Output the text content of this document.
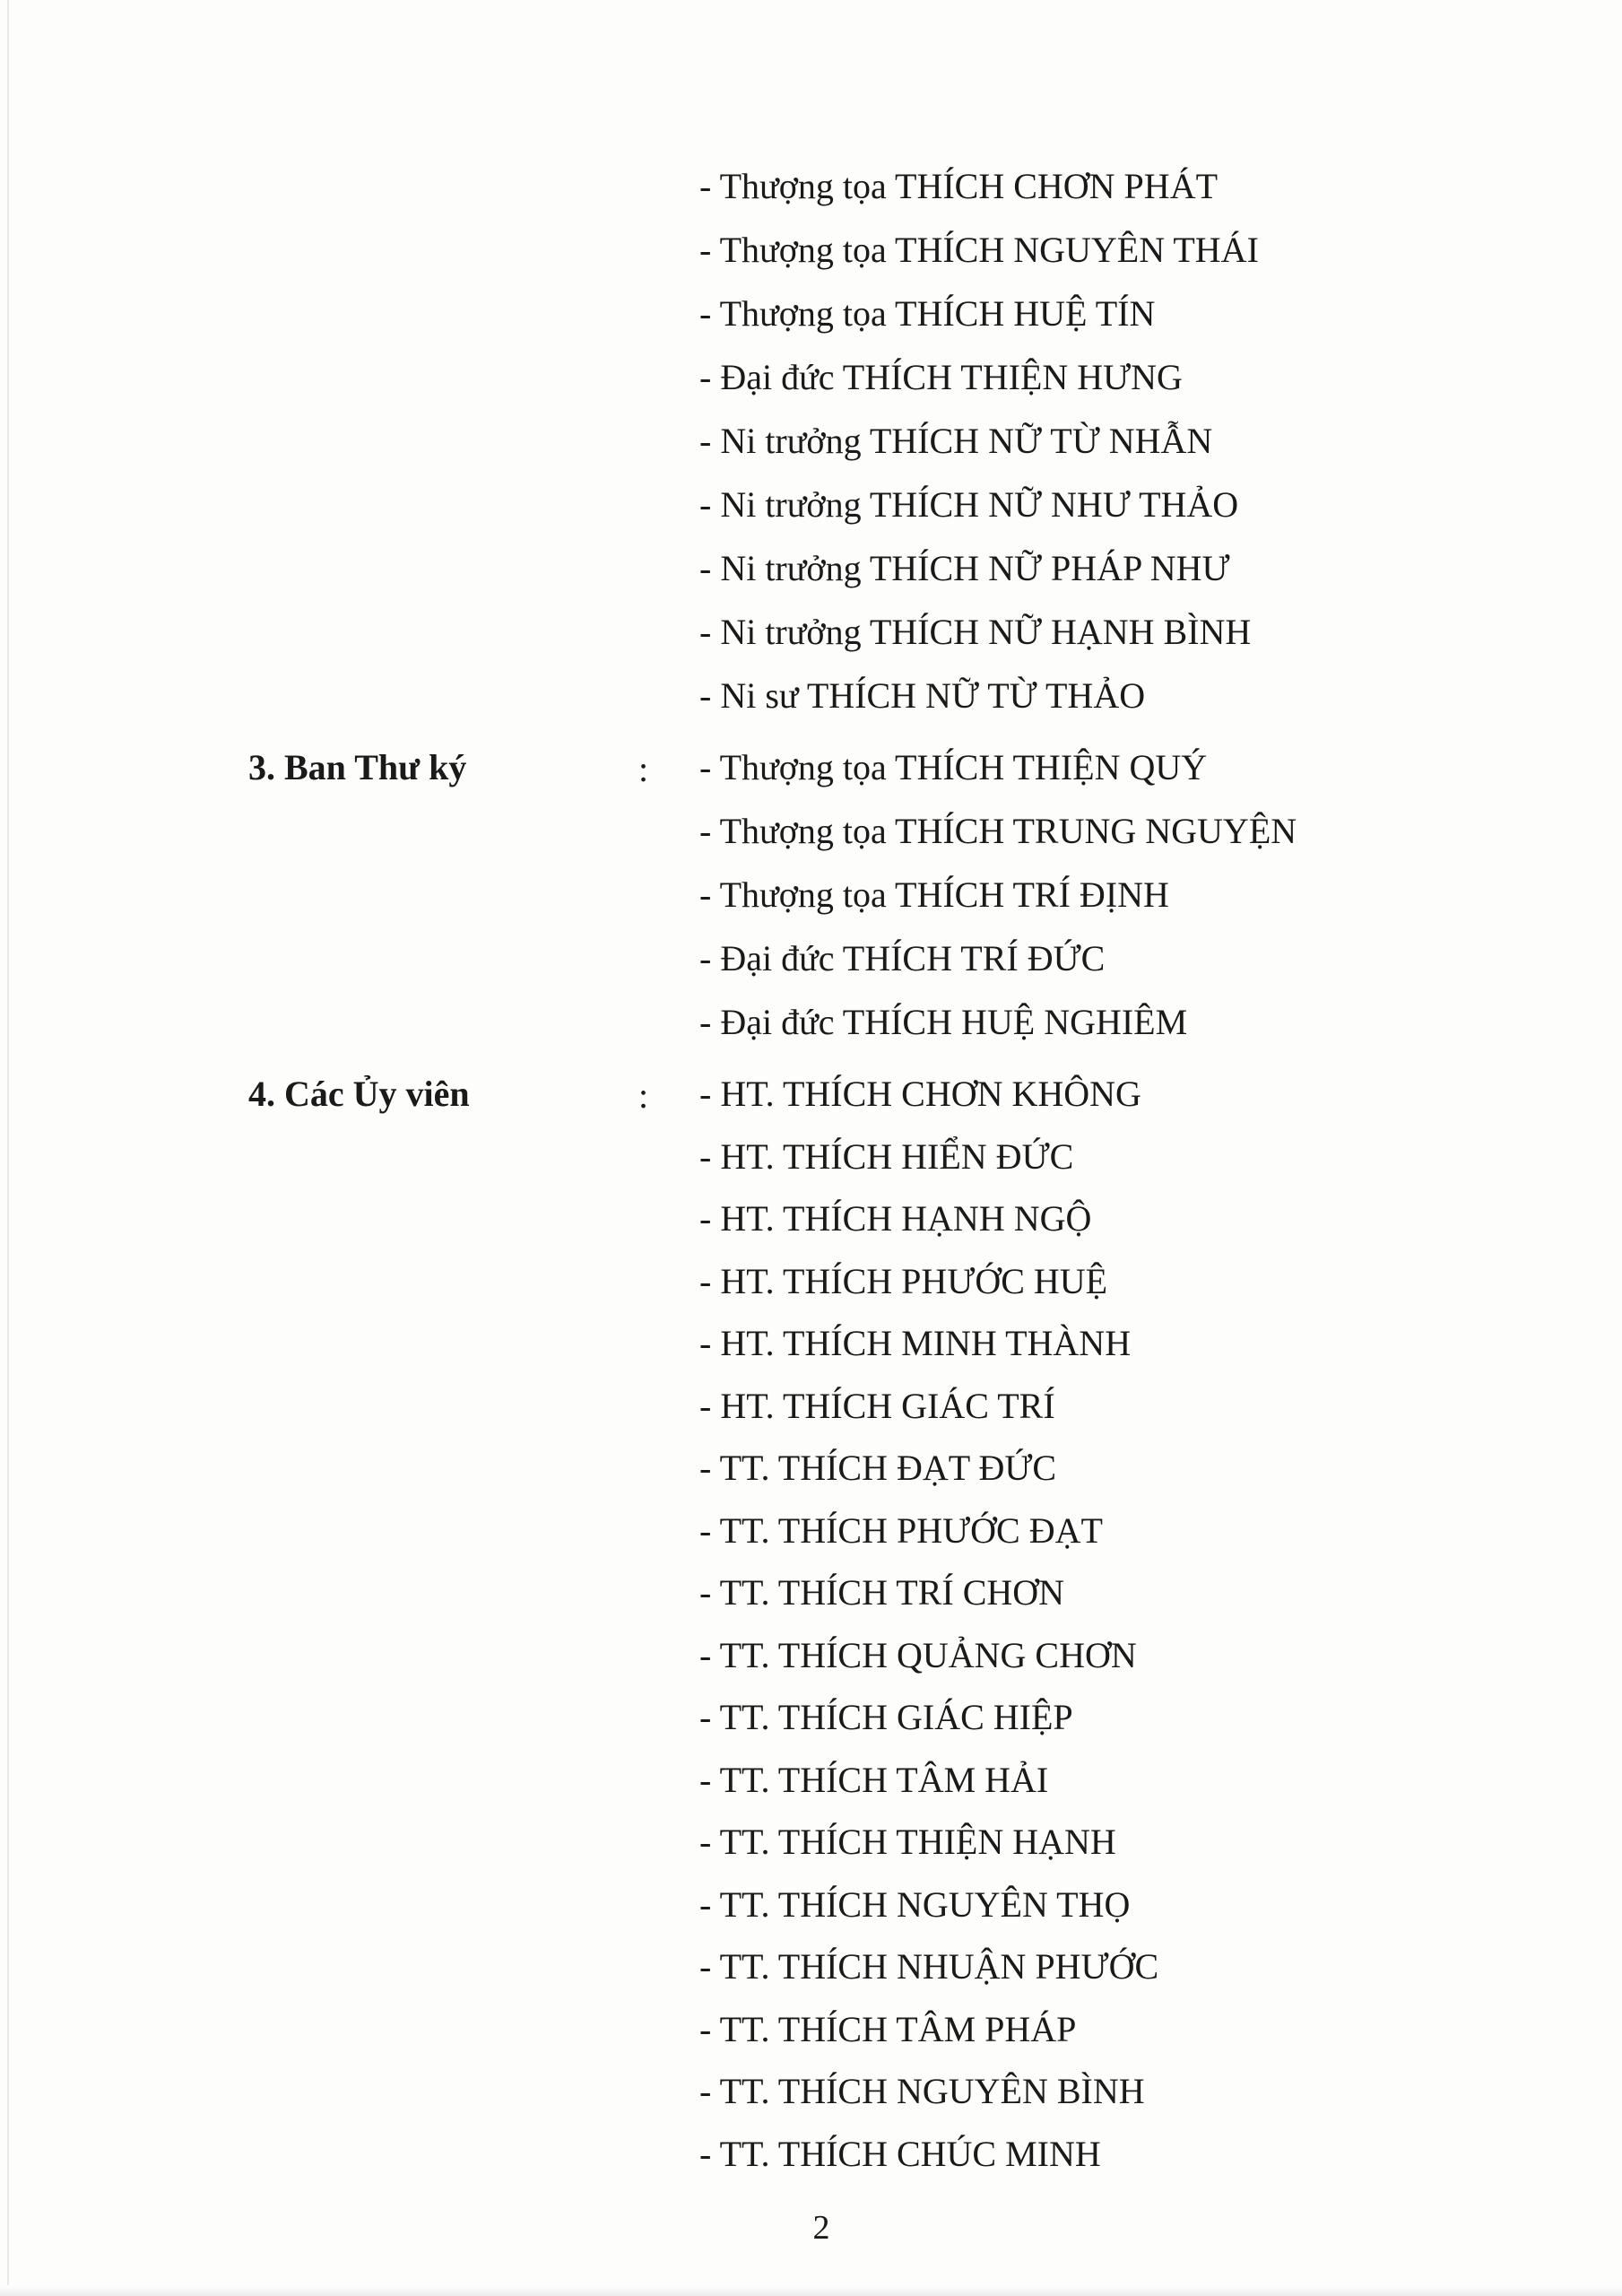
- Thượng tọa THÍCH CHƠN PHÁT
- Thượng tọa THÍCH NGUYÊN THÁI
- Thượng tọa THÍCH HUỆ TÍN
- Đại đức THÍCH THIỆN HƯNG
- Ni trưởng THÍCH NỮ TỪ NHẪN
- Ni trưởng THÍCH NỮ NHƯ THẢO
- Ni trưởng THÍCH NỮ PHÁP NHƯ
- Ni trưởng THÍCH NỮ HẠNH BÌNH
- Ni sư THÍCH NỮ TỪ THẢO
3. Ban Thư ký	: - Thượng tọa THÍCH THIỆN QUÝ
- Thượng tọa THÍCH TRUNG NGUYỆN
- Thượng tọa THÍCH TRÍ ĐỊNH
- Đại đức THÍCH TRÍ ĐỨC
- Đại đức THÍCH HUỆ NGHIÊM
4. Các Ủy viên	: - HT. THÍCH CHƠN KHÔNG
- HT. THÍCH HIỂN ĐỨC
- HT. THÍCH HẠNH NGỘ
- HT. THÍCH PHƯỚC HUỆ
- HT. THÍCH MINH THÀNH
- HT. THÍCH GIÁC TRÍ
- TT. THÍCH ĐẠT ĐỨC
- TT. THÍCH PHƯỚC ĐẠT
- TT. THÍCH TRÍ CHƠN
- TT. THÍCH QUẢNG CHƠN
- TT. THÍCH GIÁC HIỆP
- TT. THÍCH TÂM HẢI
- TT. THÍCH THIỆN HẠNH
- TT. THÍCH NGUYÊN THỌ
- TT. THÍCH NHUẬN PHƯỚC
- TT. THÍCH TÂM PHÁP
- TT. THÍCH NGUYÊN BÌNH
- TT. THÍCH CHÚC MINH
2
